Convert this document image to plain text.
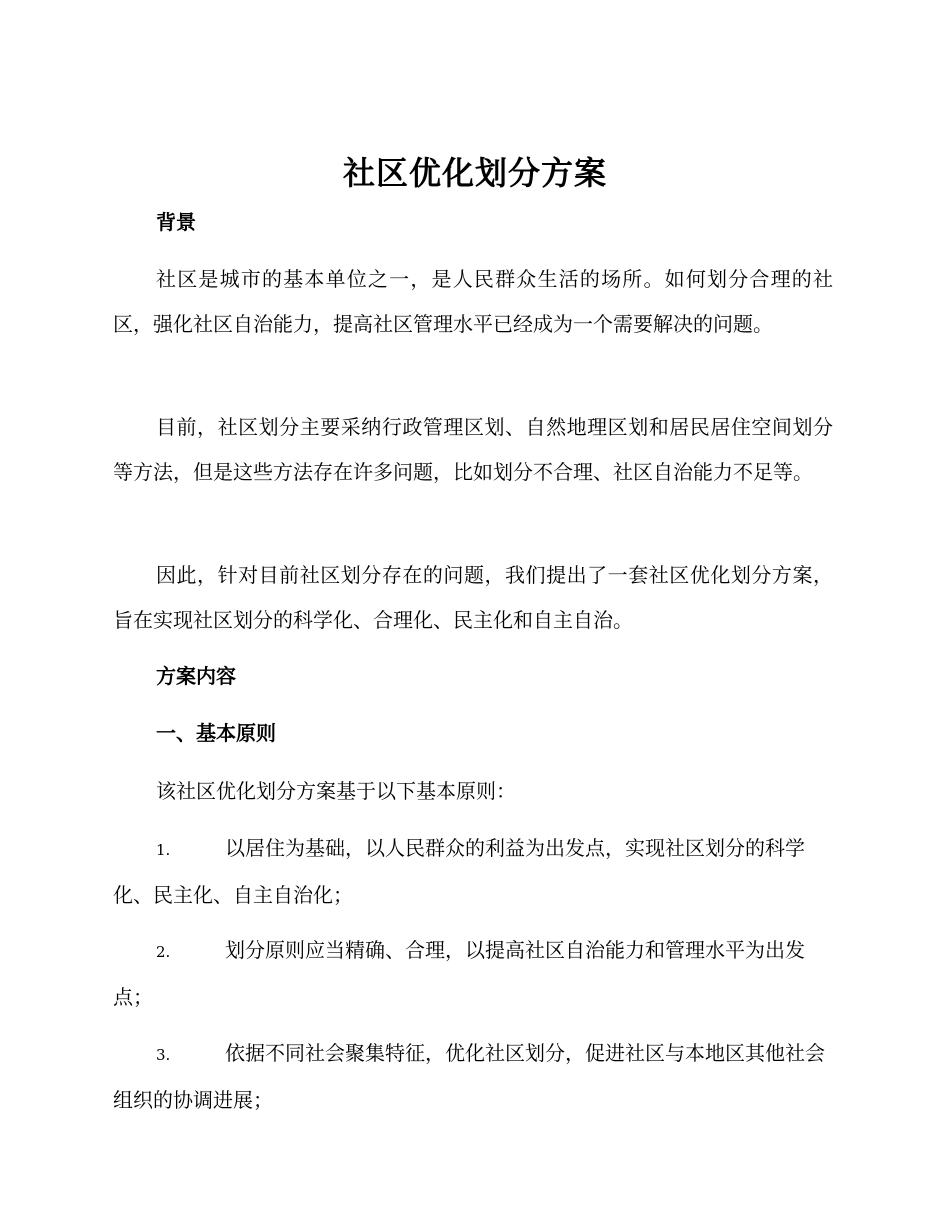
社区优化划分方案
背景

社区是城市的基本单位之一，是人民群众生活的场所。如何划分合理的社区，强化社区自治能力，提高社区管理水平已经成为一个需要解决的问题。

目前，社区划分主要采纳行政管理区划、自然地理区划和居民居住空间划分等方法，但是这些方法存在许多问题，比如划分不合理、社区自治能力不足等。

因此，针对目前社区划分存在的问题，我们提出了一套社区优化划分方案，旨在实现社区划分的科学化、合理化、民主化和自主自治。

方案内容
一、基本原则

该社区优化划分方案基于以下基本原则：

1.	以居住为基础，以人民群众的利益为出发点，实现社区划分的科学化、民主化、自主自治化；

2.	划分原则应当精确、合理，以提高社区自治能力和管理水平为出发点；

3.	依据不同社会聚集特征，优化社区划分，促进社区与本地区其他社会组织的协调进展；
